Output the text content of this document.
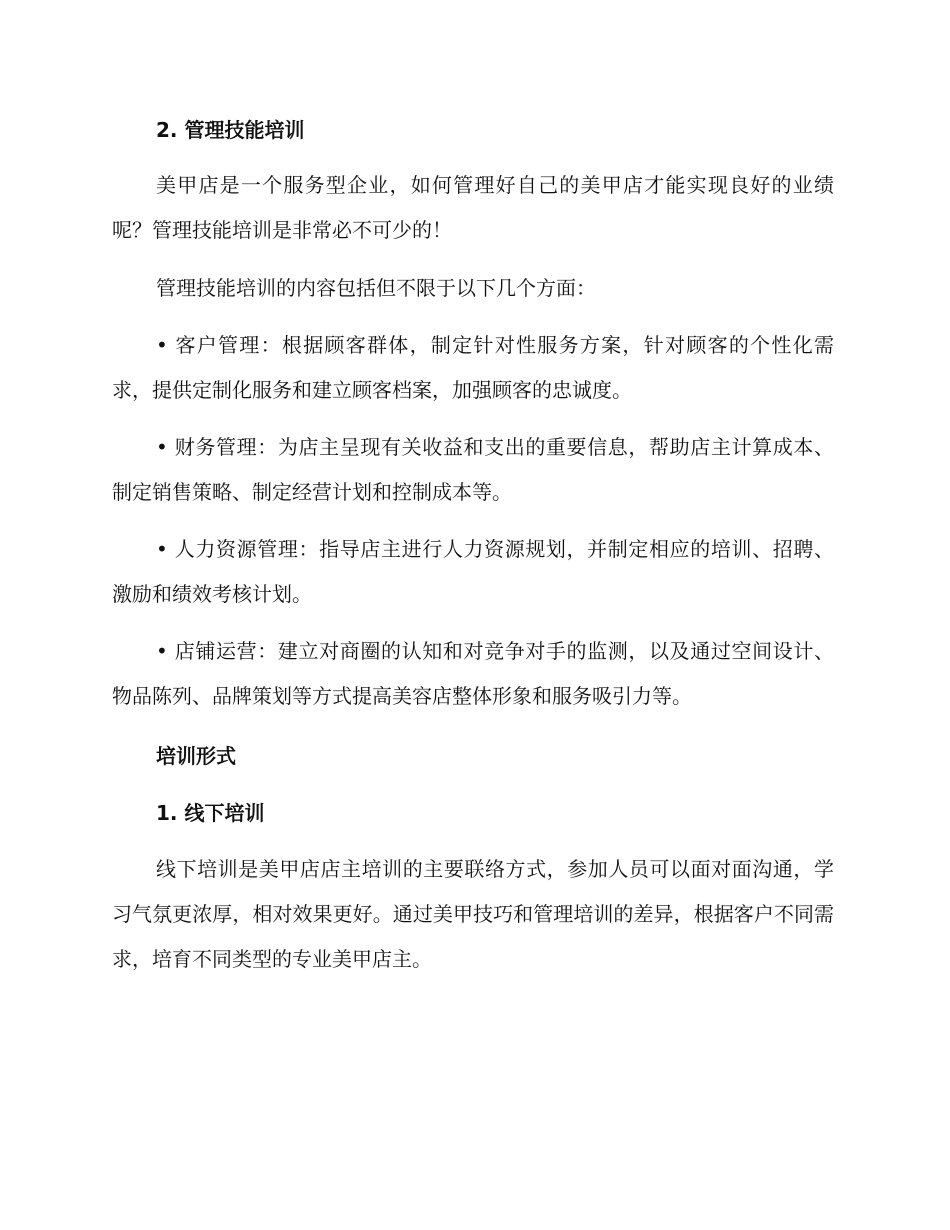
2. 管理技能培训
美甲店是一个服务型企业，如何管理好自己的美甲店才能实现良好的业绩呢？管理技能培训是非常必不可少的！
管理技能培训的内容包括但不限于以下几个方面：
• 客户管理：根据顾客群体，制定针对性服务方案，针对顾客的个性化需求，提供定制化服务和建立顾客档案，加强顾客的忠诚度。
• 财务管理：为店主呈现有关收益和支出的重要信息，帮助店主计算成本、制定销售策略、制定经营计划和控制成本等。
• 人力资源管理：指导店主进行人力资源规划，并制定相应的培训、招聘、激励和绩效考核计划。
• 店铺运营：建立对商圈的认知和对竞争对手的监测，以及通过空间设计、物品陈列、品牌策划等方式提高美容店整体形象和服务吸引力等。
培训形式
1. 线下培训
线下培训是美甲店店主培训的主要联络方式，参加人员可以面对面沟通，学习气氛更浓厚，相对效果更好。通过美甲技巧和管理培训的差异，根据客户不同需求，培育不同类型的专业美甲店主。
